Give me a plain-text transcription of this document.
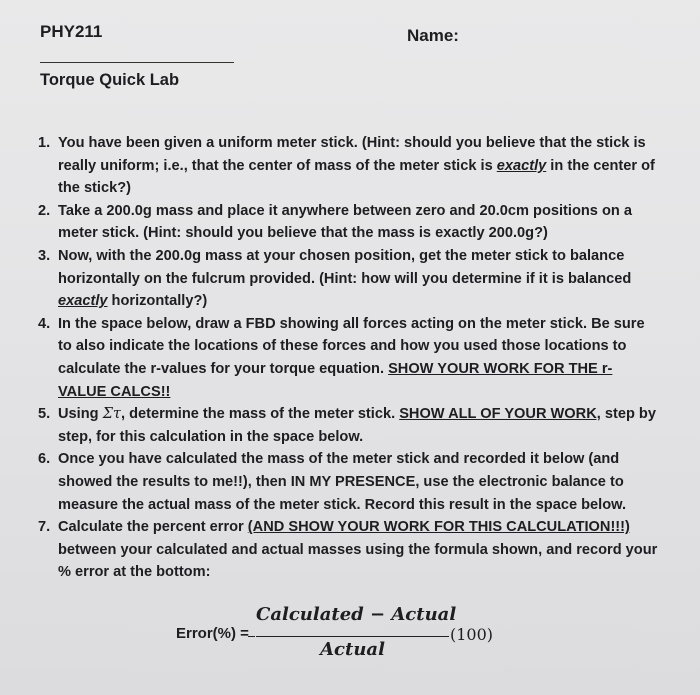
PHY211	Name:
Torque Quick Lab
1. You have been given a uniform meter stick. (Hint: should you believe that the stick is really uniform; i.e., that the center of mass of the meter stick is exactly in the center of the stick?)
2. Take a 200.0g mass and place it anywhere between zero and 20.0cm positions on a meter stick. (Hint: should you believe that the mass is exactly 200.0g?)
3. Now, with the 200.0g mass at your chosen position, get the meter stick to balance horizontally on the fulcrum provided. (Hint: how will you determine if it is balanced exactly horizontally?)
4. In the space below, draw a FBD showing all forces acting on the meter stick. Be sure to also indicate the locations of these forces and how you used those locations to calculate the r-values for your torque equation. SHOW YOUR WORK FOR THE r-VALUE CALCS!!
5. Using Στ, determine the mass of the meter stick. SHOW ALL OF YOUR WORK, step by step, for this calculation in the space below.
6. Once you have calculated the mass of the meter stick and recorded it below (and showed the results to me!!), then IN MY PRESENCE, use the electronic balance to measure the actual mass of the meter stick. Record this result in the space below.
7. Calculate the percent error (AND SHOW YOUR WORK FOR THIS CALCULATION!!!) between your calculated and actual masses using the formula shown, and record your % error at the bottom:
Error(%) =
Calculated − Actual
Actual
(100)
